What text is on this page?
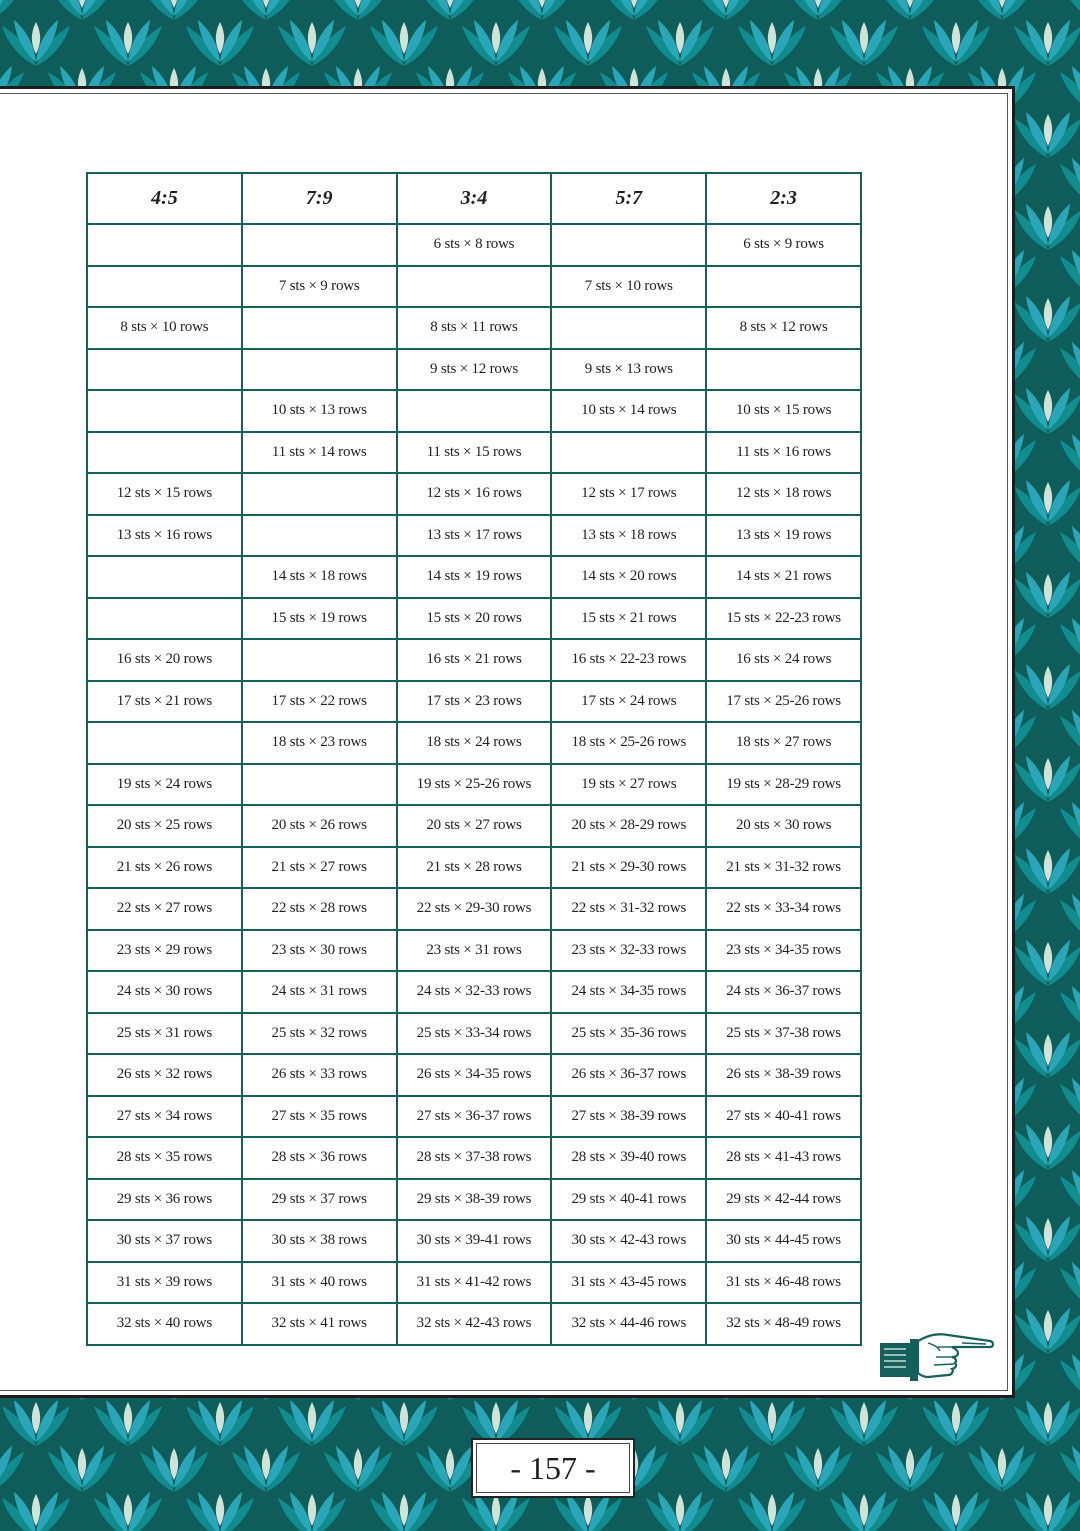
4:5	7:9	3:4	5:7	2:3
		6 sts × 8 rows		6 sts × 9 rows
	7 sts × 9 rows		7 sts × 10 rows	
8 sts × 10 rows		8 sts × 11 rows		8 sts × 12 rows
		9 sts × 12 rows	9 sts × 13 rows	
	10 sts × 13 rows		10 sts × 14 rows	10 sts × 15 rows
	11 sts × 14 rows	11 sts × 15 rows		11 sts × 16 rows
12 sts × 15 rows		12 sts × 16 rows	12 sts × 17 rows	12 sts × 18 rows
13 sts × 16 rows		13 sts × 17 rows	13 sts × 18 rows	13 sts × 19 rows
	14 sts × 18 rows	14 sts × 19 rows	14 sts × 20 rows	14 sts × 21 rows
	15 sts × 19 rows	15 sts × 20 rows	15 sts × 21 rows	15 sts × 22-23 rows
16 sts × 20 rows		16 sts × 21 rows	16 sts × 22-23 rows	16 sts × 24 rows
17 sts × 21 rows	17 sts × 22 rows	17 sts × 23 rows	17 sts × 24 rows	17 sts × 25-26 rows
	18 sts × 23 rows	18 sts × 24 rows	18 sts × 25-26 rows	18 sts × 27 rows
19 sts × 24 rows		19 sts × 25-26 rows	19 sts × 27 rows	19 sts × 28-29 rows
20 sts × 25 rows	20 sts × 26 rows	20 sts × 27 rows	20 sts × 28-29 rows	20 sts × 30 rows
21 sts × 26 rows	21 sts × 27 rows	21 sts × 28 rows	21 sts × 29-30 rows	21 sts × 31-32 rows
22 sts × 27 rows	22 sts × 28 rows	22 sts × 29-30 rows	22 sts × 31-32 rows	22 sts × 33-34 rows
23 sts × 29 rows	23 sts × 30 rows	23 sts × 31 rows	23 sts × 32-33 rows	23 sts × 34-35 rows
24 sts × 30 rows	24 sts × 31 rows	24 sts × 32-33 rows	24 sts × 34-35 rows	24 sts × 36-37 rows
25 sts × 31 rows	25 sts × 32 rows	25 sts × 33-34 rows	25 sts × 35-36 rows	25 sts × 37-38 rows
26 sts × 32 rows	26 sts × 33 rows	26 sts × 34-35 rows	26 sts × 36-37 rows	26 sts × 38-39 rows
27 sts × 34 rows	27 sts × 35 rows	27 sts × 36-37 rows	27 sts × 38-39 rows	27 sts × 40-41 rows
28 sts × 35 rows	28 sts × 36 rows	28 sts × 37-38 rows	28 sts × 39-40 rows	28 sts × 41-43 rows
29 sts × 36 rows	29 sts × 37 rows	29 sts × 38-39 rows	29 sts × 40-41 rows	29 sts × 42-44 rows
30 sts × 37 rows	30 sts × 38 rows	30 sts × 39-41 rows	30 sts × 42-43 rows	30 sts × 44-45 rows
31 sts × 39 rows	31 sts × 40 rows	31 sts × 41-42 rows	31 sts × 43-45 rows	31 sts × 46-48 rows
32 sts × 40 rows	32 sts × 41 rows	32 sts × 42-43 rows	32 sts × 44-46 rows	32 sts × 48-49 rows
- 157 -
